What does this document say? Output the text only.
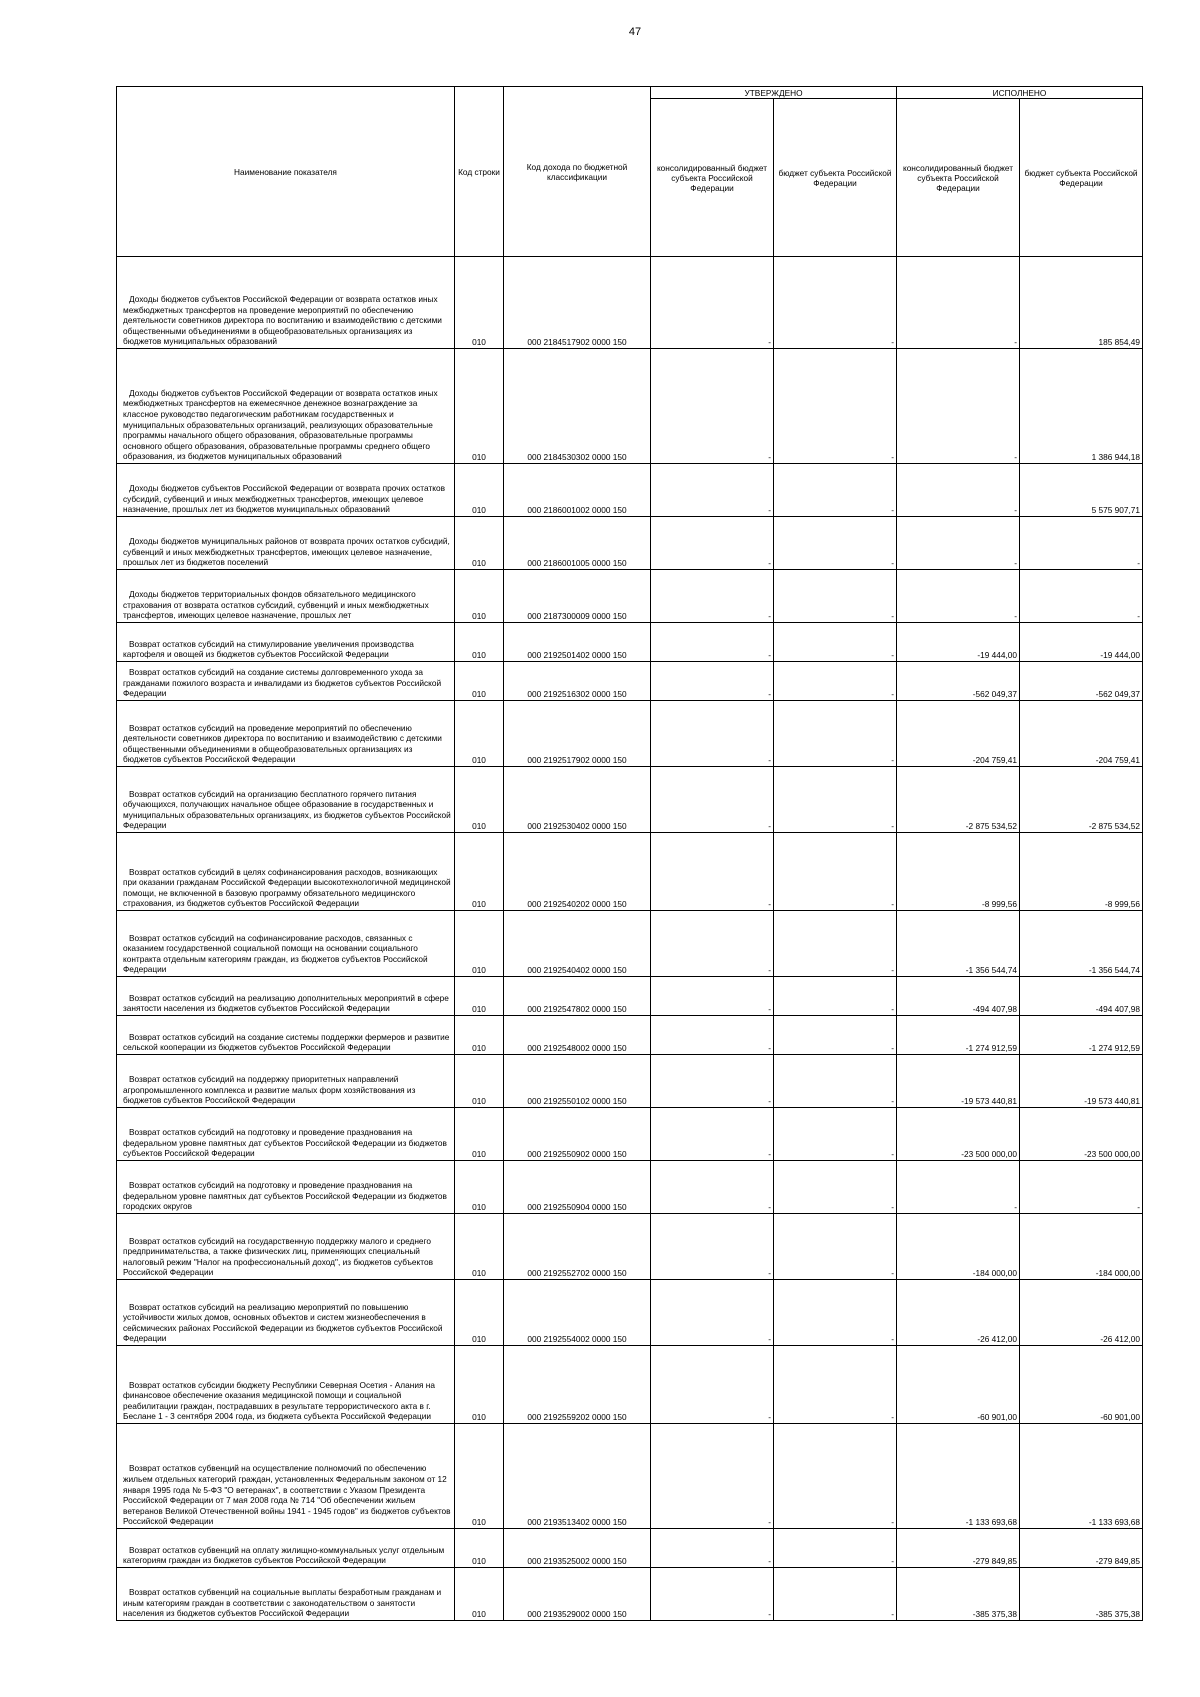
47
Наименование показателя	Код строки	Код дохода по бюджетной классификации	УТВЕРЖДЕНО		ИСПОЛНЕНО	
			консолидированный бюджет субъекта Российской Федерации	бюджет субъекта Российской Федерации	консолидированный бюджет субъекта Российской Федерации	бюджет субъекта Российской Федерации
Доходы бюджетов субъектов Российской Федерации от возврата остатков иных межбюджетных трансфертов на проведение мероприятий по обеспечению деятельности советников директора по воспитанию и взаимодействию с детскими общественными объединениями в общеобразовательных организациях из бюджетов муниципальных образований	010	000 2184517902 0000 150	-	-	-	185 854,49
Доходы бюджетов субъектов Российской Федерации от возврата остатков иных межбюджетных трансфертов на ежемесячное денежное вознаграждение за классное руководство педагогическим работникам государственных и муниципальных образовательных организаций, реализующих образовательные программы начального общего образования, образовательные программы основного общего образования, образовательные программы среднего общего образования, из бюджетов муниципальных образований	010	000 2184530302 0000 150	-	-	-	1 386 944,18
Доходы бюджетов субъектов Российской Федерации от возврата прочих остатков субсидий, субвенций и иных межбюджетных трансфертов, имеющих целевое назначение, прошлых лет из бюджетов муниципальных образований	010	000 2186001002 0000 150	-	-	-	5 575 907,71
Доходы бюджетов муниципальных районов от возврата прочих остатков субсидий, субвенций и иных межбюджетных трансфертов, имеющих целевое назначение, прошлых лет из бюджетов поселений	010	000 2186001005 0000 150	-	-	-	-
Доходы бюджетов территориальных фондов обязательного медицинского страхования от возврата остатков субсидий, субвенций и иных межбюджетных трансфертов, имеющих целевое назначение, прошлых лет	010	000 2187300009 0000 150	-	-	-	-
Возврат остатков субсидий на стимулирование увеличения производства картофеля и овощей из бюджетов субъектов Российской Федерации	010	000 2192501402 0000 150	-	-	-19 444,00	-19 444,00
Возврат остатков субсидий на создание системы долговременного ухода за гражданами пожилого возраста и инвалидами из бюджетов субъектов Российской Федерации	010	000 2192516302 0000 150	-	-	-562 049,37	-562 049,37
Возврат остатков субсидий на проведение мероприятий по обеспечению деятельности советников директора по воспитанию и взаимодействию с детскими общественными объединениями в общеобразовательных организациях из бюджетов субъектов Российской Федерации	010	000 2192517902 0000 150	-	-	-204 759,41	-204 759,41
Возврат остатков субсидий на организацию бесплатного горячего питания обучающихся, получающих начальное общее образование в государственных и муниципальных образовательных организациях, из бюджетов субъектов Российской Федерации	010	000 2192530402 0000 150	-	-	-2 875 534,52	-2 875 534,52
Возврат остатков субсидий в целях софинансирования расходов, возникающих при оказании гражданам Российской Федерации высокотехнологичной медицинской помощи, не включенной в базовую программу обязательного медицинского страхования, из бюджетов субъектов Российской Федерации	010	000 2192540202 0000 150	-	-	-8 999,56	-8 999,56
Возврат остатков субсидий на софинансирование расходов, связанных с оказанием государственной социальной помощи на основании социального контракта отдельным категориям граждан, из бюджетов субъектов Российской Федерации	010	000 2192540402 0000 150	-	-	-1 356 544,74	-1 356 544,74
Возврат остатков субсидий на реализацию дополнительных мероприятий в сфере занятости населения из бюджетов субъектов Российской Федерации	010	000 2192547802 0000 150	-	-	-494 407,98	-494 407,98
Возврат остатков субсидий на создание системы поддержки фермеров и развитие сельской кооперации из бюджетов субъектов Российской Федерации	010	000 2192548002 0000 150	-	-	-1 274 912,59	-1 274 912,59
Возврат остатков субсидий на поддержку приоритетных направлений агропромышленного комплекса и развитие малых форм хозяйствования из бюджетов субъектов Российской Федерации	010	000 2192550102 0000 150	-	-	-19 573 440,81	-19 573 440,81
Возврат остатков субсидий на подготовку и проведение празднования на федеральном уровне памятных дат субъектов Российской Федерации из бюджетов субъектов Российской Федерации	010	000 2192550902 0000 150	-	-	-23 500 000,00	-23 500 000,00
Возврат остатков субсидий на подготовку и проведение празднования на федеральном уровне памятных дат субъектов Российской Федерации из бюджетов городских округов	010	000 2192550904 0000 150	-	-	-	-
Возврат остатков субсидий на государственную поддержку малого и среднего предпринимательства, а также физических лиц, применяющих специальный налоговый режим "Налог на профессиональный доход", из бюджетов субъектов Российской Федерации	010	000 2192552702 0000 150	-	-	-184 000,00	-184 000,00
Возврат остатков субсидий на реализацию мероприятий по повышению устойчивости жилых домов, основных объектов и систем жизнеобеспечения в сейсмических районах Российской Федерации из бюджетов субъектов Российской Федерации	010	000 2192554002 0000 150	-	-	-26 412,00	-26 412,00
Возврат остатков субсидии бюджету Республики Северная Осетия - Алания на финансовое обеспечение оказания медицинской помощи и социальной реабилитации граждан, пострадавших в результате террористического акта в г. Беслане 1 - 3 сентября 2004 года, из бюджета субъекта Российской Федерации	010	000 2192559202 0000 150	-	-	-60 901,00	-60 901,00
Возврат остатков субвенций на осуществление полномочий по обеспечению жильем отдельных категорий граждан, установленных Федеральным законом от 12 января 1995 года № 5-ФЗ "О ветеранах", в соответствии с Указом Президента Российской Федерации от 7 мая 2008 года № 714 "Об обеспечении жильем ветеранов Великой Отечественной войны 1941 - 1945 годов" из бюджетов субъектов Российской Федерации	010	000 2193513402 0000 150	-	-	-1 133 693,68	-1 133 693,68
Возврат остатков субвенций на оплату жилищно-коммунальных услуг отдельным категориям граждан из бюджетов субъектов Российской Федерации	010	000 2193525002 0000 150	-	-	-279 849,85	-279 849,85
Возврат остатков субвенций на социальные выплаты безработным гражданам и иным категориям граждан в соответствии с законодательством о занятости населения из бюджетов субъектов Российской Федерации	010	000 2193529002 0000 150	-	-	-385 375,38	-385 375,38
